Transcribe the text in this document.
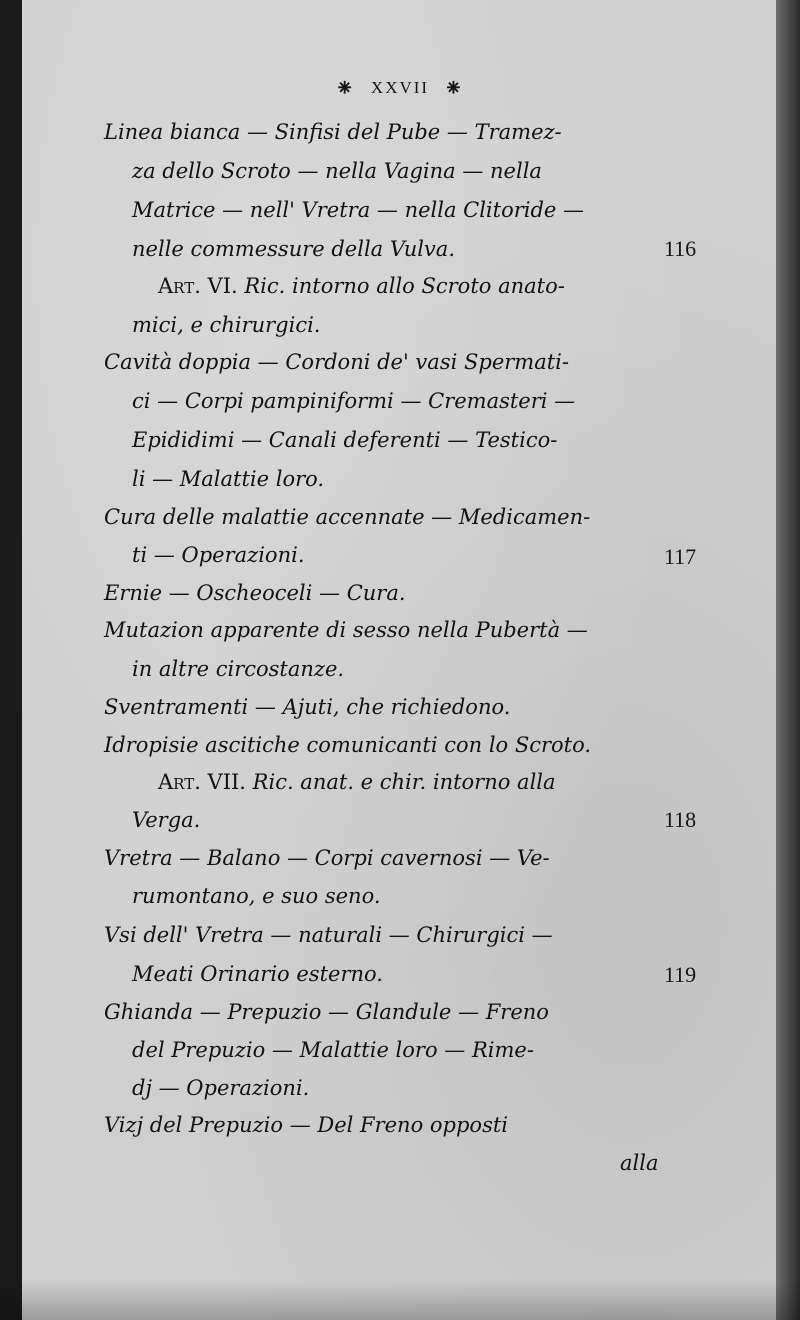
⁕ XXVII ⁕
Linea bianca — Sinfisi del Pube — Tramez-
za dello Scroto — nella Vagina — nella
Matrice — nell' Vretra — nella Clitoride —
nelle commessure della Vulva.	116
Art. VI. Ric. intorno allo Scroto anato-
mici, e chirurgici.
Cavità doppia — Cordoni de' vasi Spermati-
ci — Corpi pampiniformi — Cremasteri —
Epididimi — Canali deferenti — Testico-
li — Malattie loro.
Cura delle malattie accennate — Medicamen-
ti — Operazioni.	117
Ernie — Oscheoceli — Cura.
Mutazion apparente di sesso nella Pubertà —
in altre circostanze.
Sventramenti — Ajuti, che richiedono.
Idropisie ascitiche comunicanti con lo Scroto.
Art. VII. Ric. anat. e chir. intorno alla
Verga.	118
Vretra — Balano — Corpi cavernosi — Ve-
rumontano, e suo seno.
Vsi dell' Vretra — naturali — Chirurgici —
Meati Orinario esterno.	119
Ghianda — Prepuzio — Glandule — Freno
del Prepuzio — Malattie loro — Rime-
dj — Operazioni.
Vizj del Prepuzio — Del Freno opposti
alla
